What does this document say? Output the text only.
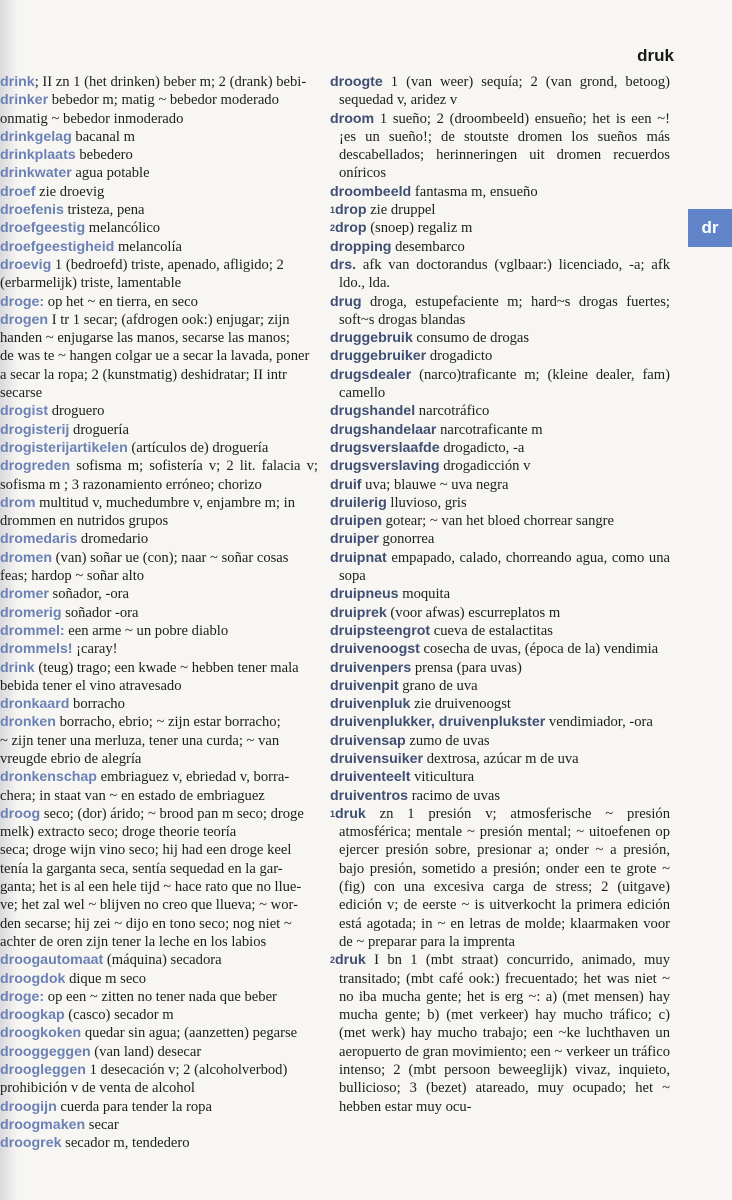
druk
dr
drink; II zn 1 (het drinken) beber m; 2 (drank) bebi-
drinker bebedor m; matig ~ bebedor moderado
onmatig ~ bebedor inmoderado
drinkgelag bacanal m
drinkplaats bebedero
drinkwater agua potable
droef zie droevig
droefenis tristeza, pena
droefgeestig melancólico
droefgeestigheid melancolía
droevig 1 (bedroefd) triste, apenado, afligido; 2
(erbarmelijk) triste, lamentable
droge: op het ~ en tierra, en seco
drogen I tr 1 secar; (afdrogen ook:) enjugar; zijn
handen ~ enjugarse las manos, secarse las manos;
de was te ~ hangen colgar ue a secar la lavada, poner
a secar la ropa; 2 (kunstmatig) deshidratar; II intr
secarse
drogist droguero
drogisterij droguería
drogisterijartikelen (artículos de) droguería
drogreden sofisma m; sofistería v; 2 lit. falacia v; sofisma m ; 3 razonamiento erróneo; chorizo
drom multitud v, muchedumbre v, enjambre m; in
drommen en nutridos grupos
dromedaris dromedario
dromen (van) soñar ue (con); naar ~ soñar cosas
feas; hardop ~ soñar alto
dromer soñador, -ora
dromerig soñador -ora
drommel: een arme ~ un pobre diablo
drommels! ¡caray!
drink (teug) trago; een kwade ~ hebben tener mala
bebida tener el vino atravesado
dronkaard borracho
dronken borracho, ebrio; ~ zijn estar borracho;
~ zijn tener una merluza, tener una curda; ~ van
vreugde ebrio de alegría
dronkenschap embriaguez v, ebriedad v, borra-
chera; in staat van ~ en estado de embriaguez
droog seco; (dor) árido; ~ brood pan m seco; droge
melk) extracto seco; droge theorie teoría
seca; droge wijn vino seco; hij had een droge keel
tenía la garganta seca, sentía sequedad en la gar-
ganta; het is al een hele tijd ~ hace rato que no llue-
ve; het zal wel ~ blijven no creo que llueva; ~ wor-
den secarse; hij zei ~ dijo en tono seco; nog niet ~
achter de oren zijn tener la leche en los labios
droogautomaat (máquina) secadora
droogdok dique m seco
droge: op een ~ zitten no tener nada que beber
droogkap (casco) secador m
droogkoken quedar sin agua; (aanzetten) pegarse
drooggeggen (van land) desecar
droogleggen 1 desecación v; 2 (alcoholverbod)
prohibición v de venta de alcohol
droogijn cuerda para tender la ropa
droogmaken secar
droogrek secador m, tendedero
droogte 1 (van weer) sequía; 2 (van grond, betoog) sequedad v, aridez v
droom 1 sueño; 2 (droombeeld) ensueño; het is een ~! ¡es un sueño!; de stoutste dromen los sueños más descabellados; herinneringen uit dromen recuerdos oníricos
droombeeld fantasma m, ensueño
$^1$drop zie druppel
$^2$drop (snoep) regaliz m
dropping desembarco
drs. afk van doctorandus (vglbaar:) licenciado, -a; afk ldo., lda.
drug droga, estupefaciente m; hard~s drogas fuertes; soft~s drogas blandas
druggebruik consumo de drogas
druggebruiker drogadicto
drugsdealer (narco)traficante m; (kleine dealer, fam) camello
drugshandel narcotráfico
drugshandelaar narcotraficante m
drugsverslaafde drogadicto, -a
drugsverslaving drogadicción v
druif uva; blauwe ~ uva negra
druilerig lluvioso, gris
druipen gotear; ~ van het bloed chorrear sangre
druiper gonorrea
druipnat empapado, calado, chorreando agua, como una sopa
druipneus moquita
druiprek (voor afwas) escurreplatos m
druipsteengrot cueva de estalactitas
druivenoogst cosecha de uvas, (época de la) vendimia
druivenpers prensa (para uvas)
druivenpit grano de uva
druivenpluk zie druivenoogst
druivenplukker, druivenplukster vendimiador, -ora
druivensap zumo de uvas
druivensuiker dextrosa, azúcar m de uva
druiventeelt viticultura
druiventros racimo de uvas
$^1$druk zn 1 presión v; atmosferische ~ presión atmosférica; mentale ~ presión mental; ~ uitoefenen op ejercer presión sobre, presionar a; onder ~ a presión, bajo presión, sometido a presión; onder een te grote ~ (fig) con una excesiva carga de stress; 2 (uitgave) edición v; de eerste ~ is uitverkocht la primera edición está agotada; in ~ en letras de molde; klaarmaken voor de ~ preparar para la imprenta
$^2$druk I bn 1 (mbt straat) concurrido, animado, muy transitado; (mbt café ook:) frecuentado; het was niet ~ no iba mucha gente; het is erg ~: a) (met mensen) hay mucha gente; b) (met verkeer) hay mucho tráfico; c) (met werk) hay mucho trabajo; een ~ke luchthaven un aeropuerto de gran movimiento; een ~ verkeer un tráfico intenso; 2 (mbt persoon beweeglijk) vivaz, inquieto, bullicioso; 3 (bezet) atareado, muy ocupado; het ~ hebben estar muy ocu-
